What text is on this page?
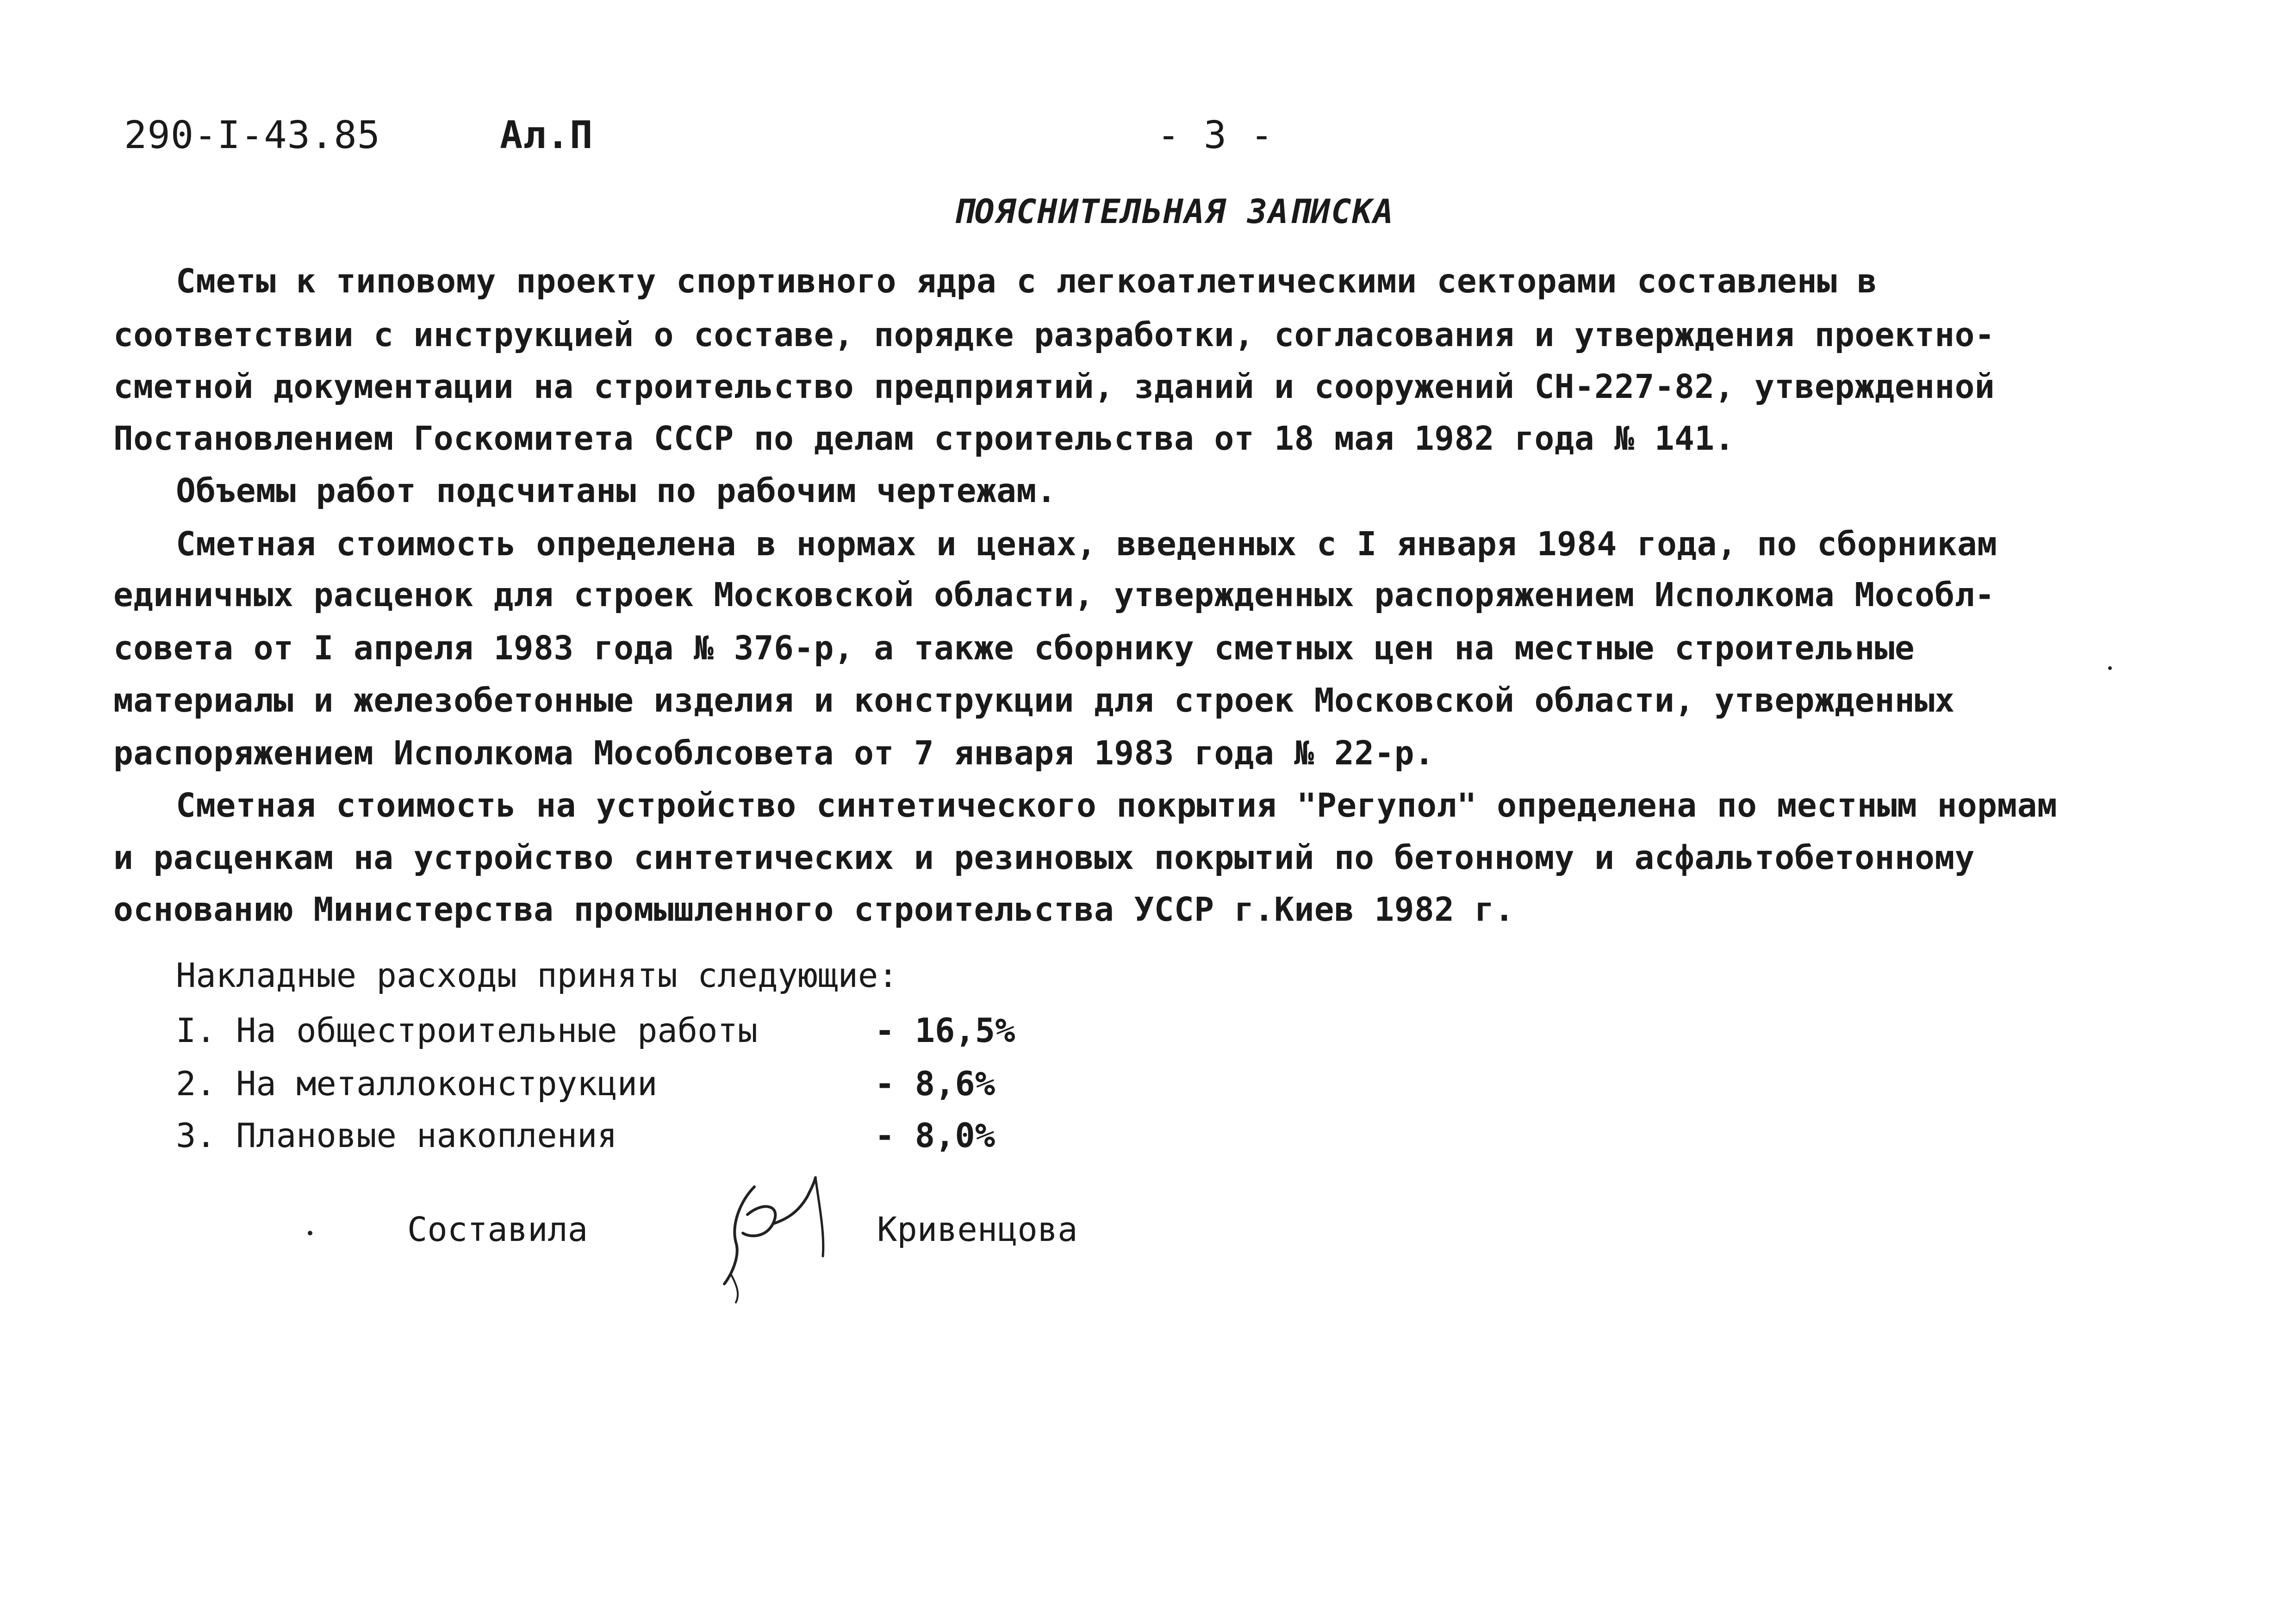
290-I-43.85	Ал.П	- 3 -
ПОЯСНИТЕЛЬНАЯ ЗАПИСКА
Сметы к типовому проекту спортивного ядра с легкоатлетическими секторами составлены в
соответствии с инструкцией о составе, порядке разработки, согласования и утверждения проектно-
сметной документации на строительство предприятий, зданий и сооружений СН-227-82, утвержденной
Постановлением Госкомитета СССР по делам строительства от 18 мая 1982 года № 141.
Объемы работ подсчитаны по рабочим чертежам.
Сметная стоимость определена в нормах и ценах, введенных с I января 1984 года, по сборникам
единичных расценок для строек Московской области, утвержденных распоряжением Исполкома Мособл-
совета от I апреля 1983 года № 376-р, а также сборнику сметных цен на местные строительные
материалы и железобетонные изделия и конструкции для строек Московской области, утвержденных
распоряжением Исполкома Мособлсовета от 7 января 1983 года № 22-р.
Сметная стоимость на устройство синтетического покрытия "Регупол" определена по местным нормам
и расценкам на устройство синтетических и резиновых покрытий по бетонному и асфальтобетонному
основанию Министерства промышленного строительства УССР г.Киев 1982 г.
Накладные расходы приняты следующие:
I. На общестроительные работы	- 16,5%
2. На металлоконструкции	- 8,6%
3. Плановые накопления	- 8,0%
Составила	Кривенцова
